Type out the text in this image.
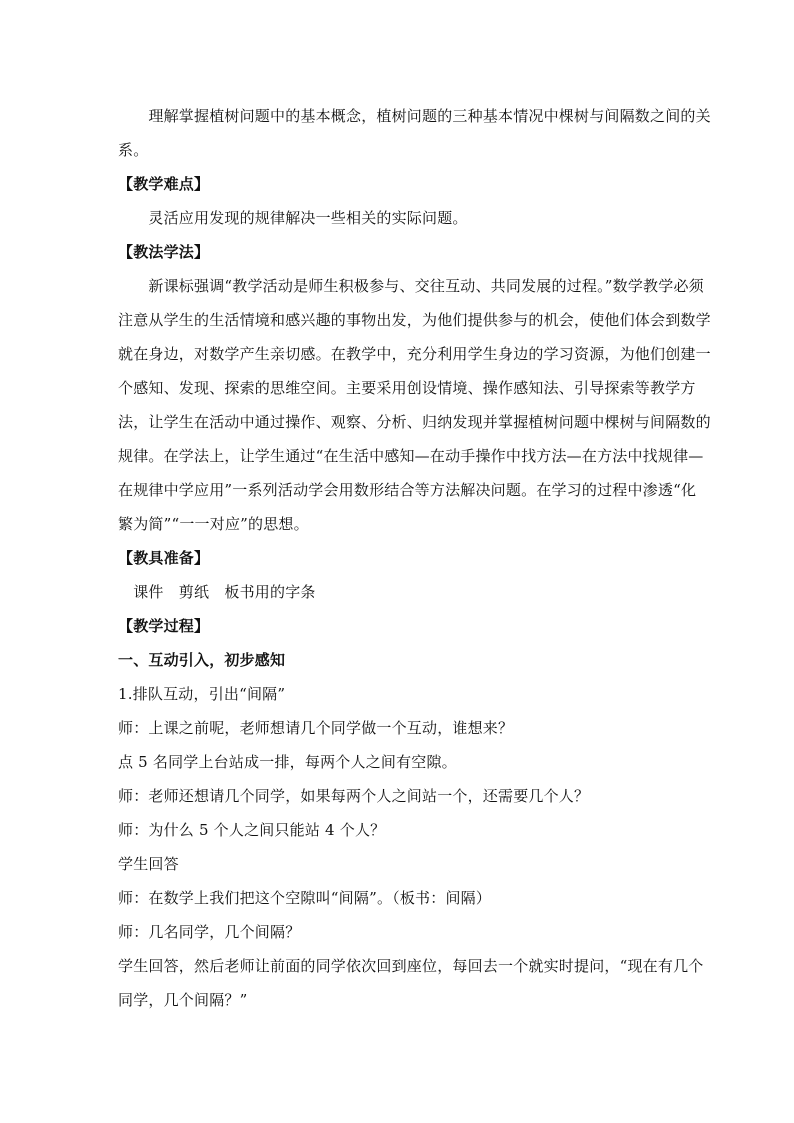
　　理解掌握植树问题中的基本概念，植树问题的三种基本情况中棵树与间隔数之间的关
系。
【教学难点】
　　灵活应用发现的规律解决一些相关的实际问题。
【教法学法】
　　新课标强调“教学活动是师生积极参与、交往互动、共同发展的过程。”数学教学必须
注意从学生的生活情境和感兴趣的事物出发，为他们提供参与的机会，使他们体会到数学
就在身边，对数学产生亲切感。在教学中，充分利用学生身边的学习资源，为他们创建一
个感知、发现、探索的思维空间。主要采用创设情境、操作感知法、引导探索等教学方
法，让学生在活动中通过操作、观察、分析、归纳发现并掌握植树问题中棵树与间隔数的
规律。在学法上，让学生通过“在生活中感知—在动手操作中找方法—在方法中找规律—
在规律中学应用”一系列活动学会用数形结合等方法解决问题。在学习的过程中渗透“化
繁为简”“一一对应”的思想。
【教具准备】
　课件　剪纸　板书用的字条
【教学过程】
一、互动引入，初步感知
1.排队互动，引出“间隔”
师：上课之前呢，老师想请几个同学做一个互动，谁想来？
点 5 名同学上台站成一排，每两个人之间有空隙。
师：老师还想请几个同学，如果每两个人之间站一个，还需要几个人？
师：为什么 5 个人之间只能站 4 个人？
学生回答
师：在数学上我们把这个空隙叫“间隔”。（板书：间隔）
师：几名同学，几个间隔？
学生回答，然后老师让前面的同学依次回到座位，每回去一个就实时提问，“现在有几个
同学，几个间隔？”
